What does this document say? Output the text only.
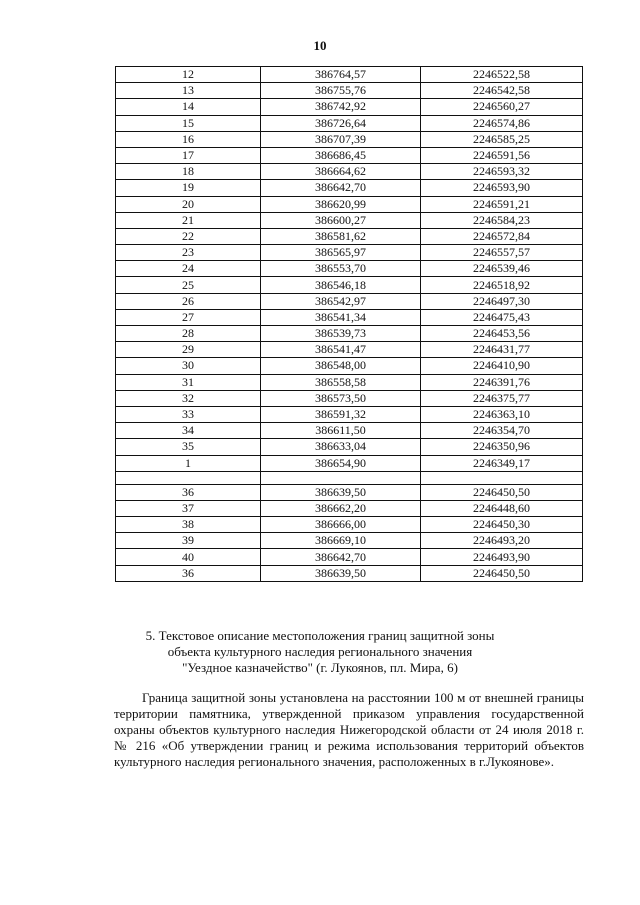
10
12	386764,57	2246522,58
13	386755,76	2246542,58
14	386742,92	2246560,27
15	386726,64	2246574,86
16	386707,39	2246585,25
17	386686,45	2246591,56
18	386664,62	2246593,32
19	386642,70	2246593,90
20	386620,99	2246591,21
21	386600,27	2246584,23
22	386581,62	2246572,84
23	386565,97	2246557,57
24	386553,70	2246539,46
25	386546,18	2246518,92
26	386542,97	2246497,30
27	386541,34	2246475,43
28	386539,73	2246453,56
29	386541,47	2246431,77
30	386548,00	2246410,90
31	386558,58	2246391,76
32	386573,50	2246375,77
33	386591,32	2246363,10
34	386611,50	2246354,70
35	386633,04	2246350,96
1	386654,90	2246349,17

36	386639,50	2246450,50
37	386662,20	2246448,60
38	386666,00	2246450,30
39	386669,10	2246493,20
40	386642,70	2246493,90
36	386639,50	2246450,50
5. Текстовое описание местоположения границ защитной зоны
объекта культурного наследия регионального значения
"Уездное казначейство" (г. Лукоянов, пл. Мира, 6)

Граница защитной зоны установлена на расстоянии 100 м от внешней границы территории памятника, утвержденной приказом управления государственной охраны объектов культурного наследия Нижегородской области от 24 июля 2018 г. № 216 «Об утверждении границ и режима использования территорий объектов культурного наследия регионального значения, расположенных в г.Лукоянове».
